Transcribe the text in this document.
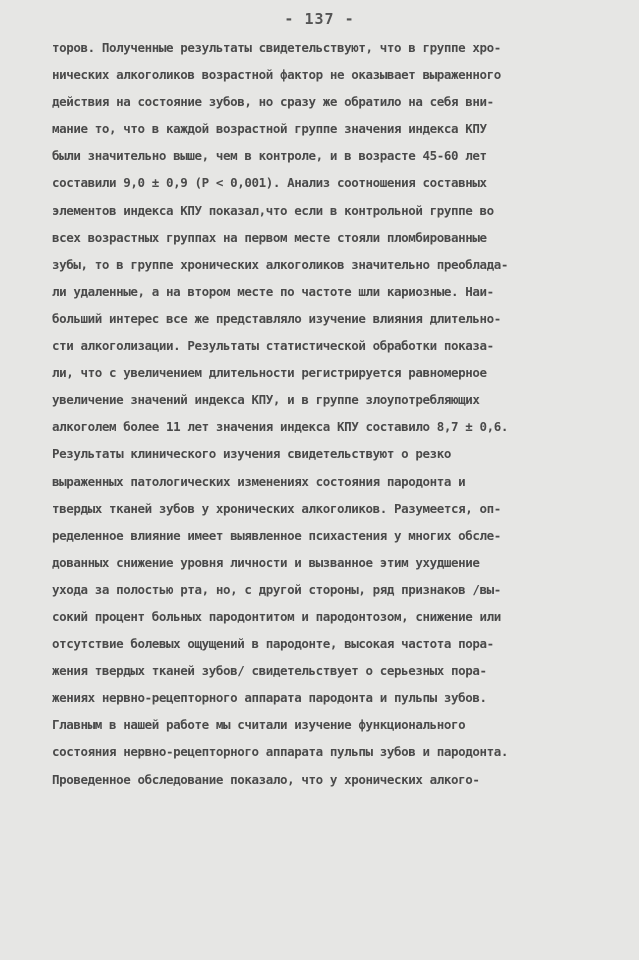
- 137 -
торов. Полученные результаты свидетельствуют, что в группе хро-
нических алкоголиков возрастной фактор не оказывает выраженного
действия на состояние зубов, но сразу же обратило на себя вни-
мание то, что в каждой возрастной группе значения индекса КПУ
были значительно выше, чем в контроле, и в возрасте 45-60 лет
составили 9,0 ± 0,9 (Р < 0,001). Анализ соотношения составных
элементов индекса КПУ показал,что если в контрольной группе во
всех возрастных группах на первом месте стояли пломбированные
зубы, то в группе хронических алкоголиков значительно преоблада-
ли удаленные, а на втором месте по частоте шли кариозные. Наи-
больший интерес все же представляло изучение влияния длительно-
сти алкоголизации. Результаты статистической обработки показа-
ли, что с увеличением длительности регистрируется равномерное
увеличение значений индекса КПУ, и в группе злоупотребляющих
алкоголем более 11 лет значения индекса КПУ составило 8,7 ± 0,6.
Результаты клинического изучения свидетельствуют о резко
выраженных патологических изменениях состояния пародонта и
твердых тканей зубов у хронических алкоголиков. Разумеется, оп-
ределенное влияние имеет выявленное психастения у многих обсле-
дованных снижение уровня личности и вызванное этим ухудшение
ухода за полостью рта, но, с другой стороны, ряд признаков /вы-
сокий процент больных пародонтитом и пародонтозом, снижение или
отсутствие болевых ощущений в пародонте, высокая частота пора-
жения твердых тканей зубов/ свидетельствует о серьезных пора-
жениях нервно-рецепторного аппарата пародонта и пульпы зубов.
Главным в нашей работе мы считали изучение функционального
состояния нервно-рецепторного аппарата пульпы зубов и пародонта.
Проведенное обследование показало, что у хронических алкого-
